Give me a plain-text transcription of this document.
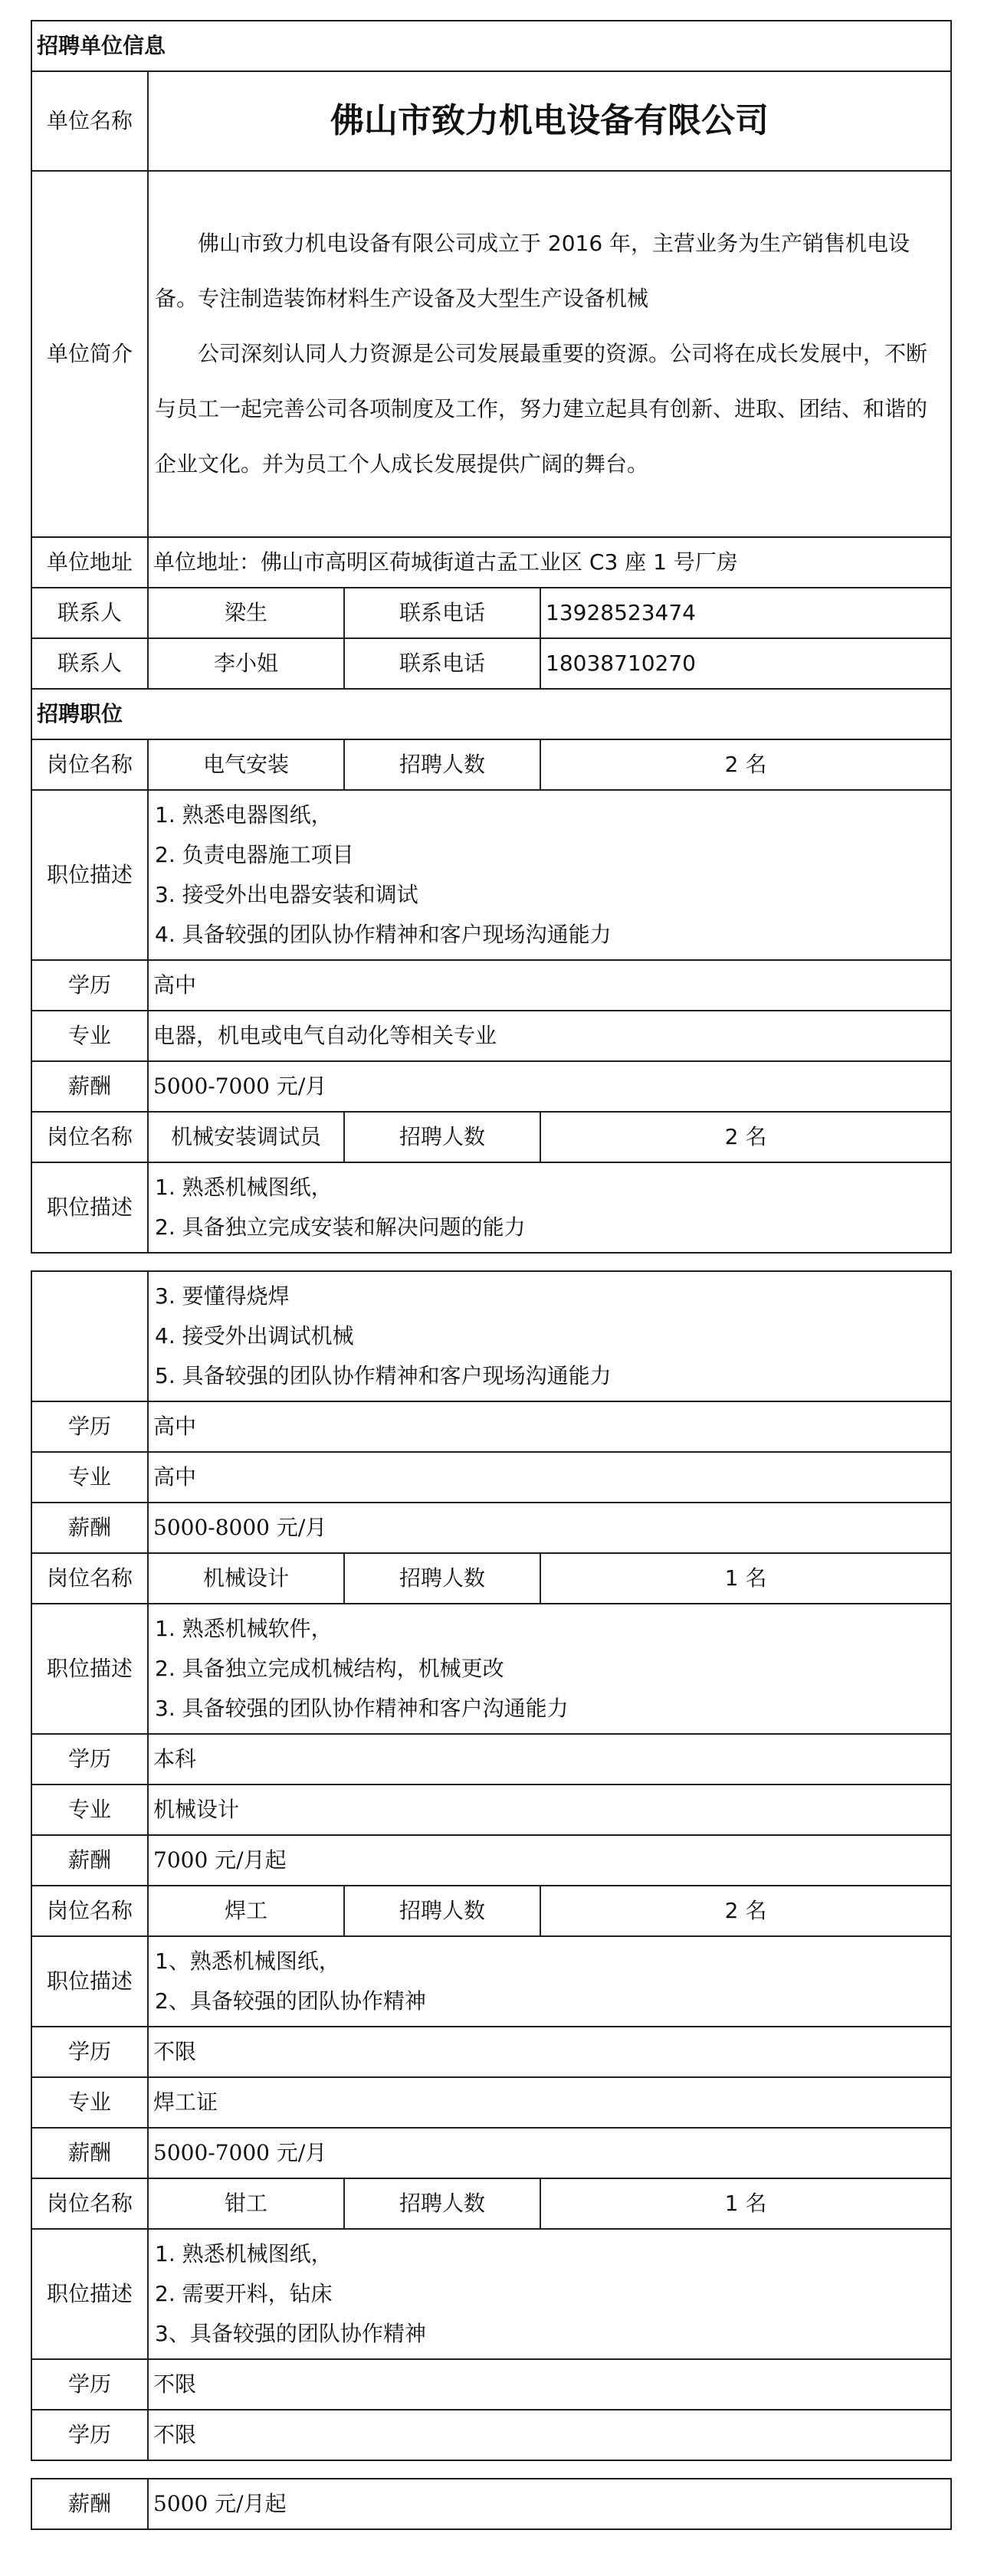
招聘单位信息			
单位名称	佛山市致力机电设备有限公司		
单位简介	佛山市致力机电设备有限公司成立于 2016 年，主营业务为生产销售机电设备。专注制造装饰材料生产设备及大型生产设备机械

公司深刻认同人力资源是公司发展最重要的资源。公司将在成长发展中，不断与员工一起完善公司各项制度及工作，努力建立起具有创新、进取、团结、和谐的企业文化。并为员工个人成长发展提供广阔的舞台。		

单位地址	单位地址：佛山市高明区荷城街道古孟工业区 C3 座 1 号厂房		
联系人	梁生	联系电话	13928523474
联系人	李小姐	联系电话	18038710270
招聘职位			
岗位名称	电气安装	招聘人数	2 名
职位描述	1. 熟悉电器图纸，
2. 负责电器施工项目
3. 接受外出电器安装和调试
4. 具备较强的团队协作精神和客户现场沟通能力		

学历	高中		
专业	电器，机电或电气自动化等相关专业		
薪酬	5000-7000 元/月		
岗位名称	机械安装调试员	招聘人数	2 名
职位描述	1. 熟悉机械图纸，
2. 具备独立完成安装和解决问题的能力		

	3. 要懂得烧焊
4. 接受外出调试机械
5. 具备较强的团队协作精神和客户现场沟通能力		

学历	高中		
专业	高中		
薪酬	5000-8000 元/月		
岗位名称	机械设计	招聘人数	1 名
职位描述	1. 熟悉机械软件，
2. 具备独立完成机械结构，机械更改
3. 具备较强的团队协作精神和客户沟通能力		

学历	本科		
专业	机械设计		
薪酬	7000 元/月起		
岗位名称	焊工	招聘人数	2 名
职位描述	1、熟悉机械图纸，
2、具备较强的团队协作精神		

学历	不限		
专业	焊工证		
薪酬	5000-7000 元/月		
岗位名称	钳工	招聘人数	1 名
职位描述	1. 熟悉机械图纸，
2. 需要开料，钻床
3、具备较强的团队协作精神		

学历	不限		
学历	不限		
薪酬	5000 元/月起
